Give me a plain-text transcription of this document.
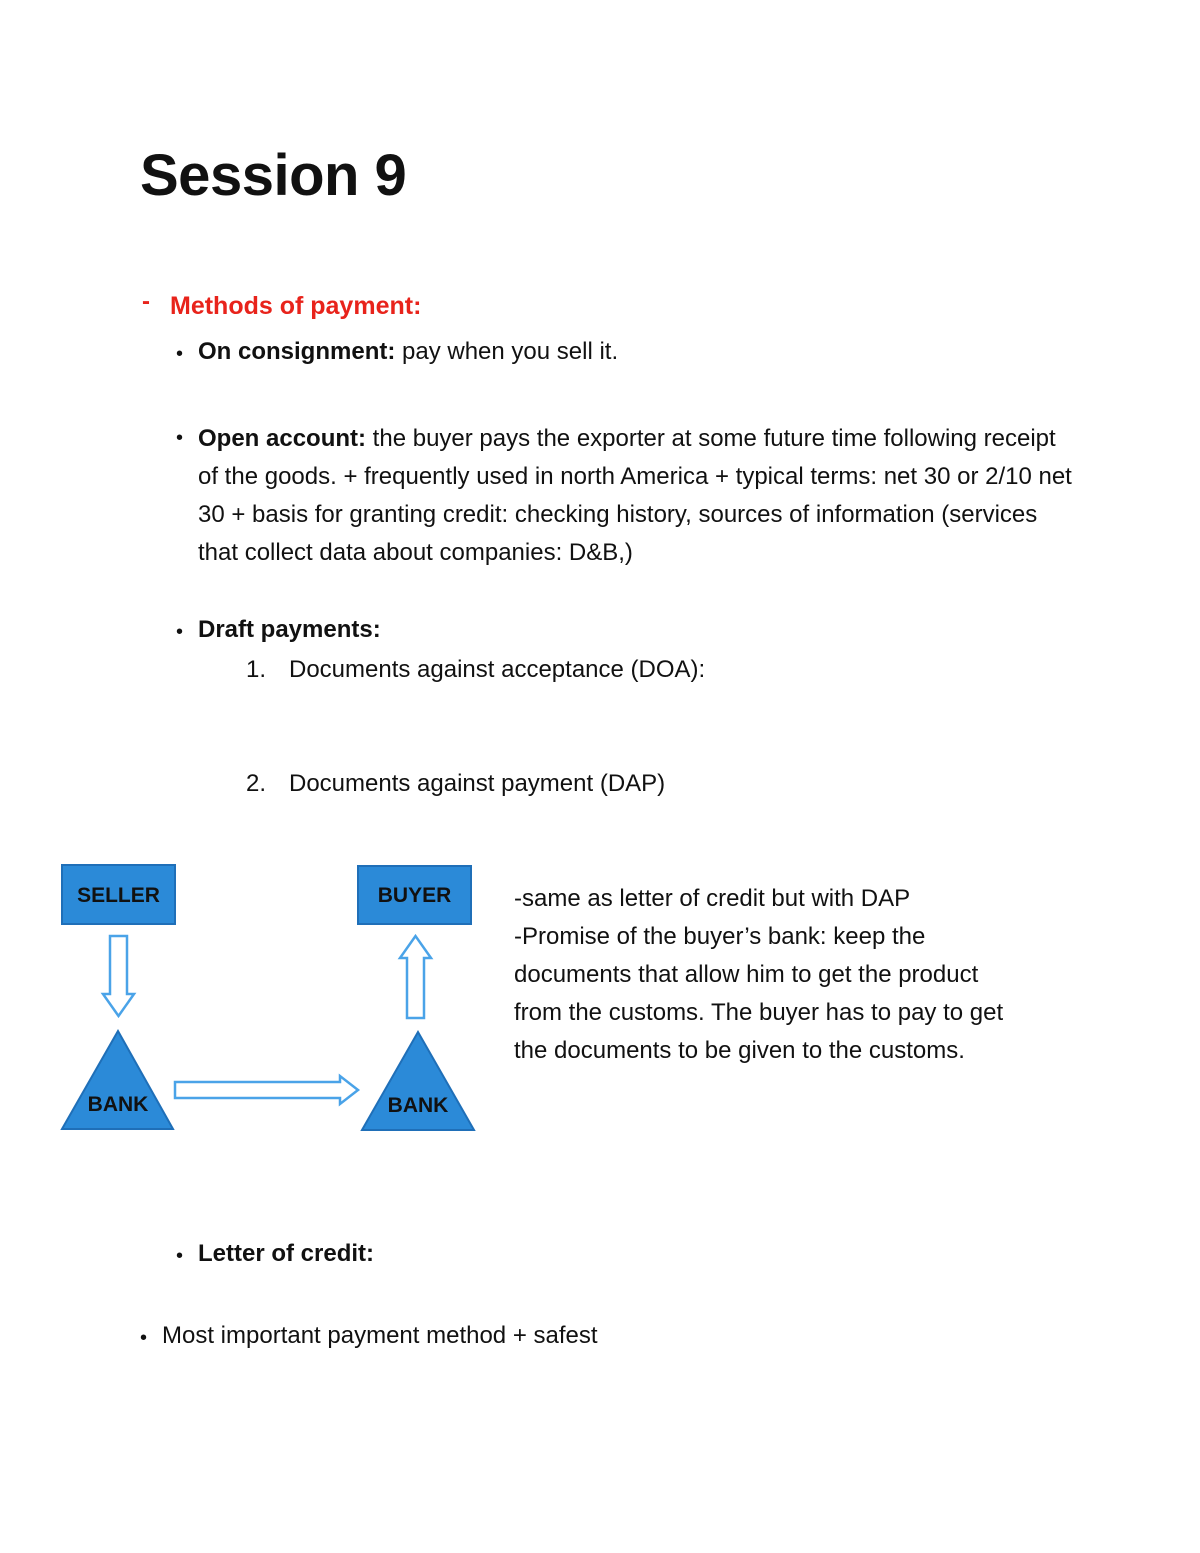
Session 9
- Methods of payment:
• On consignment: pay when you sell it.
• Open account: the buyer pays the exporter at some future time following receipt of the goods. + frequently used in north America + typical terms: net 30 or 2/10 net 30 + basis for granting credit: checking history, sources of information (services that collect data about companies: D&B,)
• Draft payments:
1. Documents against acceptance (DOA):
2. Documents against payment (DAP)
SELLER	BUYER
BANK	BANK
-same as letter of credit but with DAP
-Promise of the buyer’s bank: keep the
documents that allow him to get the product
from the customs. The buyer has to pay to get
the documents to be given to the customs.
• Letter of credit:
• Most important payment method + safest
